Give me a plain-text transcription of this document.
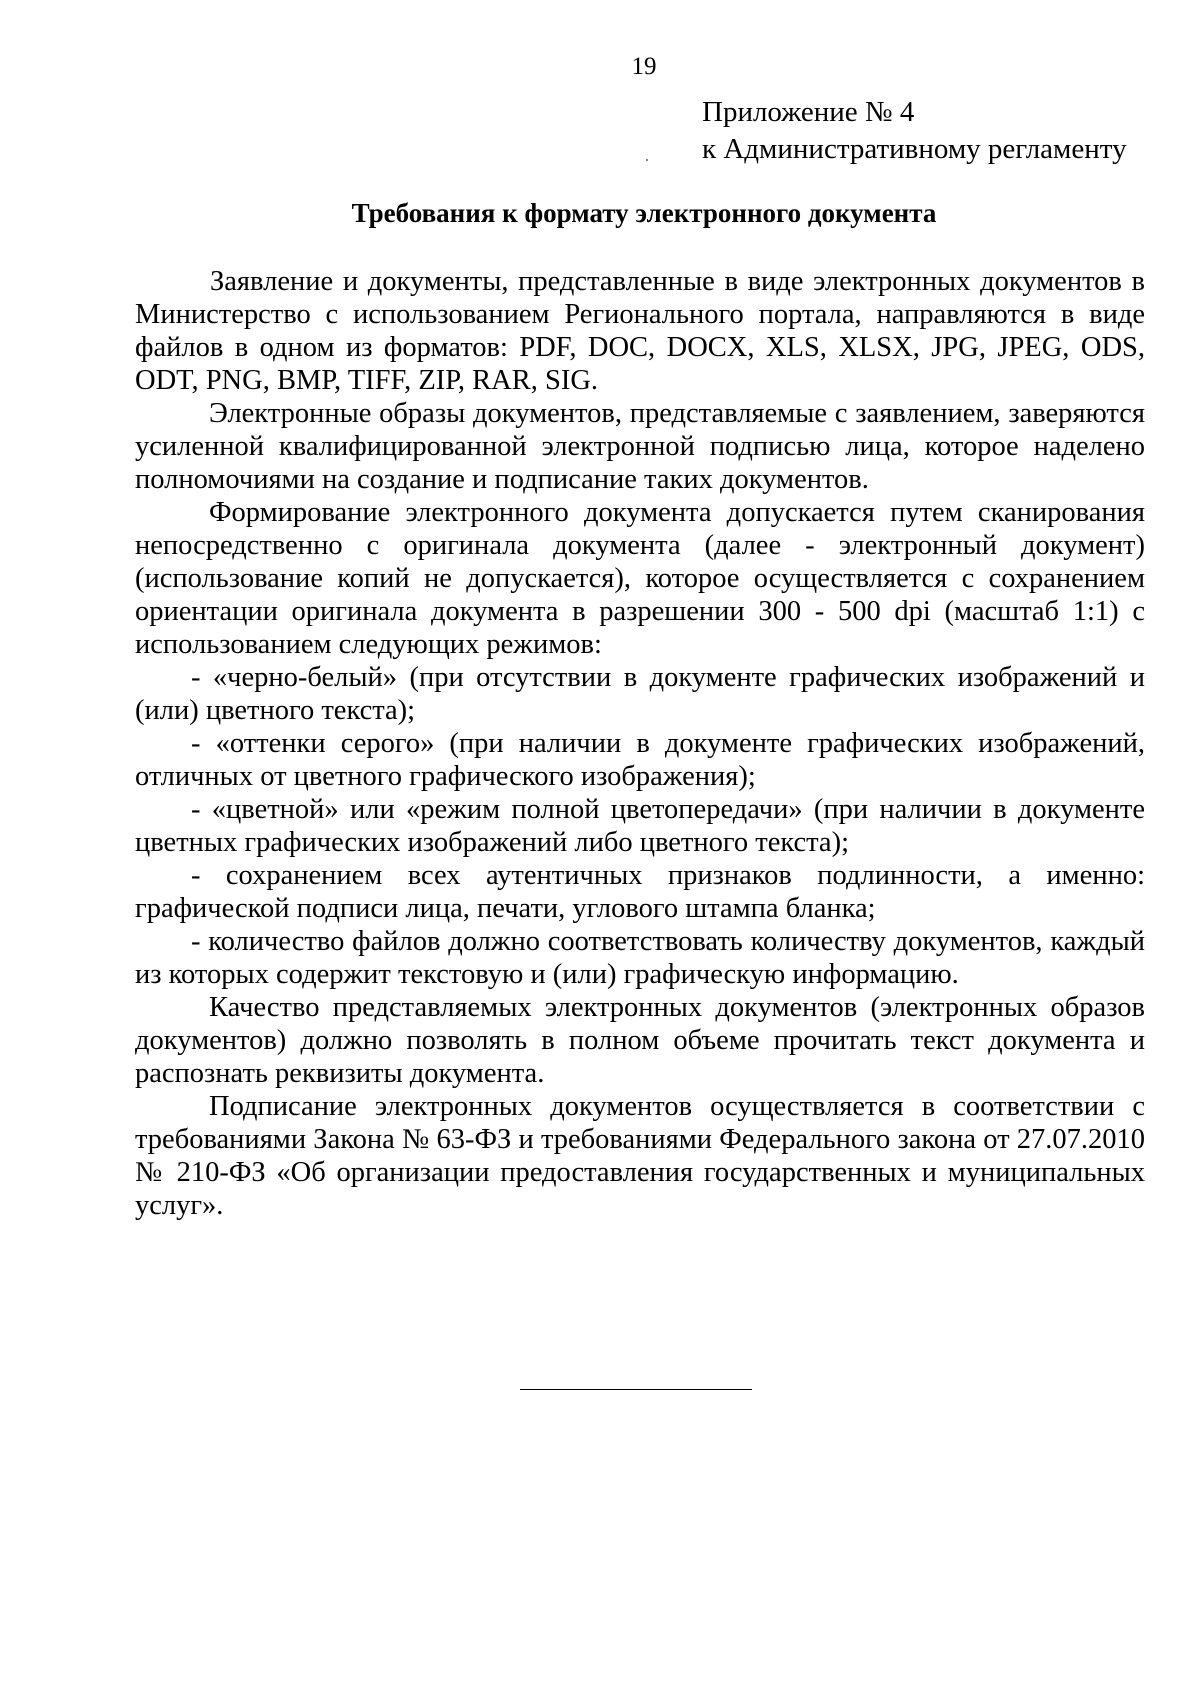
19
Приложение № 4
к Административному регламенту
Требования к формату электронного документа

Заявление и документы, представленные в виде электронных документов в Министерство с использованием Регионального портала, направляются в виде файлов в одном из форматов: PDF, DOC, DOCX, XLS, XLSX, JPG, JPEG, ODS, ODT, PNG, BMP, TIFF, ZIP, RAR, SIG.

Электронные образы документов, представляемые с заявлением, заверяются усиленной квалифицированной электронной подписью лица, которое наделено полномочиями на создание и подписание таких документов.

Формирование электронного документа допускается путем сканирования непосредственно с оригинала документа (далее - электронный документ) (использование копий не допускается), которое осуществляется с сохранением ориентации оригинала документа в разрешении 300 - 500 dpi (масштаб 1:1) с использованием следующих режимов:

- «черно-белый» (при отсутствии в документе графических изображений и (или) цветного текста);

- «оттенки серого» (при наличии в документе графических изображений, отличных от цветного графического изображения);

- «цветной» или «режим полной цветопередачи» (при наличии в документе цветных графических изображений либо цветного текста);

- сохранением всех аутентичных признаков подлинности, а именно: графической подписи лица, печати, углового штампа бланка;

- количество файлов должно соответствовать количеству документов, каждый из которых содержит текстовую и (или) графическую информацию.

Качество представляемых электронных документов (электронных образов документов) должно позволять в полном объеме прочитать текст документа и распознать реквизиты документа.

Подписание электронных документов осуществляется в соответствии с требованиями Закона № 63-ФЗ и требованиями Федерального закона от 27.07.2010 № 210-ФЗ «Об организации предоставления государственных и муниципальных услуг».
